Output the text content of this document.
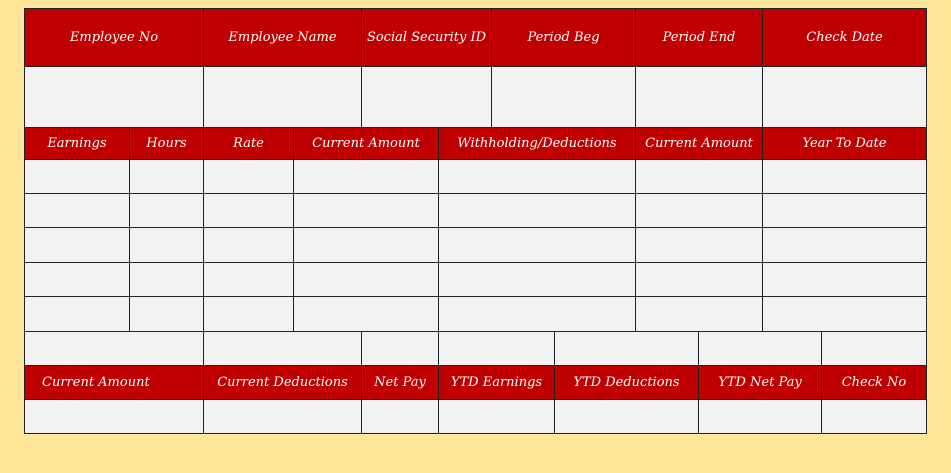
Employee No	Employee Name	Social Security ID	Period Beg	Period End	Check Date
Earnings	Hours	Rate	Current Amount	Withholding/Deductions	Current Amount	Year To Date
Current Amount	Current Deductions	Net Pay	YTD Earnings	YTD Deductions	YTD Net Pay	Check No
